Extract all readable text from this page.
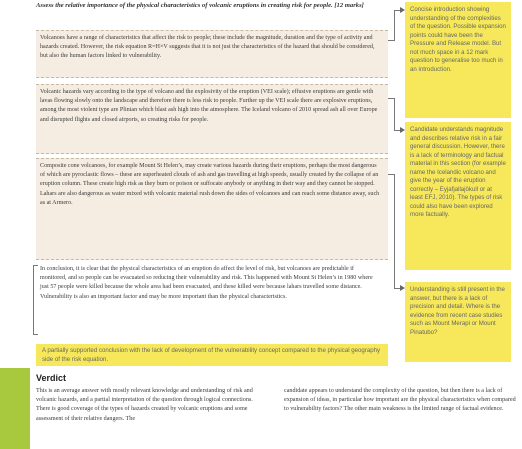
Assess the relative importance of the physical characteristics of volcanic eruptions in creating risk for people. [12 marks]
Volcanoes have a range of characteristics that affect the risk to people; these include the magnitude, duration and the type of activity and hazards created. However, the risk equation R=H×V suggests that it is not just the characteristics of the hazard that should be considered, but also the human factors linked to vulnerability.
Volcanic hazards vary according to the type of volcano and the explosivity of the eruption (VEI scale); effusive eruptions are gentle with lavas flowing slowly onto the landscape and therefore there is less risk to people. Further up the VEI scale there are explosive eruptions, among the most violent type are Plinian which blast ash high into the atmosphere. The Iceland volcano of 2010 spread ash all over Europe and disrupted flights and closed airports, so creating risks for people.
Composite cone volcanoes, for example Mount St Helen’s, may create various hazards during their eruptions, perhaps the most dangerous of which are pyroclastic flows – these are superheated clouds of ash and gas travelling at high speeds, usually created by the collapse of an eruption column. These create high risk as they burn or poison or suffocate anybody or anything in their way and they cannot be stopped. Lahars are also dangerous as water mixed with volcanic material rush down the sides of volcanoes and can reach some distance away, such as at Armero.
In conclusion, it is clear that the physical characteristics of an eruption do affect the level of risk, but volcanoes are predictable if monitored, and so people can be evacuated so reducing their vulnerability and risk. This happened with Mount St Helen’s in 1980 where just 57 people were killed because the whole area had been evacuated, and these killed were because lahars travelled some distance. Vulnerability is also an important factor and may be more important than the physical characteristics.
Concise introduction showing understanding of the complexities of the question. Possible expansion points could have been the Pressure and Release model. But not much space in a 12 mark question to generalise too much in an introduction.
Candidate understands magnitude and describes relative risk in a fair general discussion. However, there is a lack of terminology and factual material in this section (for example name the Icelandic volcano and give the year of the eruption correctly – Eyjafjallajökull or at least EFJ, 2010). The types of risk could also have been explored more factually.
Understanding is still present in the answer, but there is a lack of precision and detail. Where is the evidence from recent case studies such as Mount Merapi or Mount Pinatubo?
A partially supported conclusion with the lack of development of the vulnerability concept compared to the physical geography side of the risk equation.
Verdict
This is an average answer with mostly relevant knowledge and understanding of risk and volcanic hazards, and a partial interpretation of the question through logical connections. There is good coverage of the types of hazards created by volcanic eruptions and some assessment of their relative dangers. The
candidate appears to understand the complexity of the question, but then there is a lack of expansion of ideas, in particular how important are the physical characteristics when compared to vulnerability factors? The other main weakness is the limited range of factual evidence.
